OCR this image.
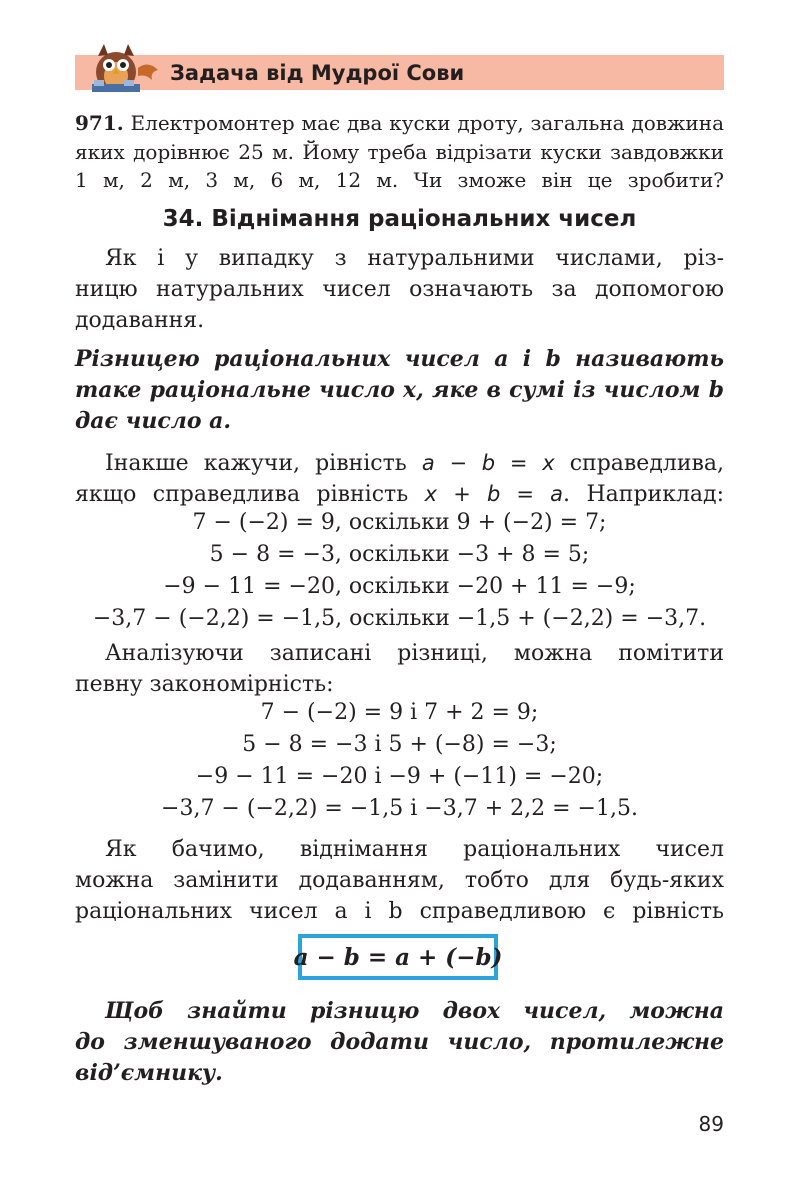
Задача від Мудрої Сови
971. Електромонтер має два куски дроту, загальна довжина
яких дорівнює 25 м. Йому треба відрізати куски завдовжки
1 м, 2 м, 3 м, 6 м, 12 м. Чи зможе він це зробити?
34. Віднімання раціональних чисел
Як і у випадку з натуральними числами, різ-
ницю натуральних чисел означають за допомогою
додавання.
Різницею раціональних чисел a і b називають
таке раціональне число x, яке в сумі із числом b
дає число a.
Інакше кажучи, рівність a − b = x справедлива,
якщо справедлива рівність x + b = a. Наприклад:
7 − (−2) = 9, оскільки 9 + (−2) = 7;
5 − 8 = −3, оскільки −3 + 8 = 5;
−9 − 11 = −20, оскільки −20 + 11 = −9;
−3,7 − (−2,2) = −1,5, оскільки −1,5 + (−2,2) = −3,7.
Аналізуючи записані різниці, можна помітити
певну закономірність:
7 − (−2) = 9 і 7 + 2 = 9;
5 − 8 = −3 і 5 + (−8) = −3;
−9 − 11 = −20 і −9 + (−11) = −20;
−3,7 − (−2,2) = −1,5 і −3,7 + 2,2 = −1,5.
Як бачимо, віднімання раціональних чисел
можна замінити додаванням, тобто для будь-яких
раціональних чисел a і b справедливою є рівність
a − b = a + (−b)
Щоб знайти різницю двох чисел, можна
до зменшуваного додати число, протилежне
від’ємнику.
89
